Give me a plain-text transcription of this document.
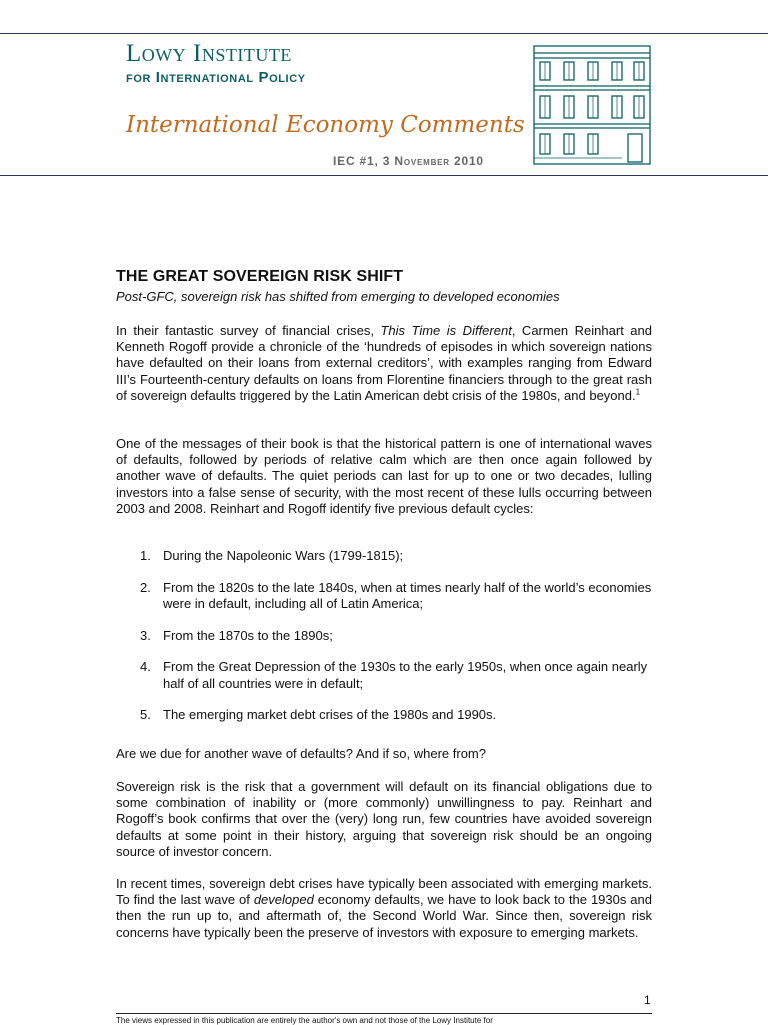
Lowy Institute
for International Policy
International Economy Comments
IEC #1, 3 November 2010
THE GREAT SOVEREIGN RISK SHIFT
Post-GFC, sovereign risk has shifted from emerging to developed economies

In their fantastic survey of financial crises, This Time is Different, Carmen Reinhart and Kenneth Rogoff provide a chronicle of the ‘hundreds of episodes in which sovereign nations have defaulted on their loans from external creditors’, with examples ranging from Edward III’s Fourteenth-century defaults on loans from Florentine financiers through to the great rash of sovereign defaults triggered by the Latin American debt crisis of the 1980s, and beyond.$^1$

One of the messages of their book is that the historical pattern is one of international waves of defaults, followed by periods of relative calm which are then once again followed by another wave of defaults. The quiet periods can last for up to one or two decades, lulling investors into a false sense of security, with the most recent of these lulls occurring between 2003 and 2008. Reinhart and Rogoff identify five previous default cycles:

1. During the Napoleonic Wars (1799-1815);
2. From the 1820s to the late 1840s, when at times nearly half of the world’s economies were in default, including all of Latin America;
3. From the 1870s to the 1890s;
4. From the Great Depression of the 1930s to the early 1950s, when once again nearly half of all countries were in default;
5. The emerging market debt crises of the 1980s and 1990s.

Are we due for another wave of defaults? And if so, where from?

Sovereign risk is the risk that a government will default on its financial obligations due to some combination of inability or (more commonly) unwillingness to pay. Reinhart and Rogoff’s book confirms that over the (very) long run, few countries have avoided sovereign defaults at some point in their history, arguing that sovereign risk should be an ongoing source of investor concern.

In recent times, sovereign debt crises have typically been associated with emerging markets. To find the last wave of developed economy defaults, we have to look back to the 1930s and then the run up to, and aftermath of, the Second World War. Since then, sovereign risk concerns have typically been the preserve of investors with exposure to emerging markets.

1
The views expressed in this publication are entirely the author's own and not those of the Lowy Institute for
